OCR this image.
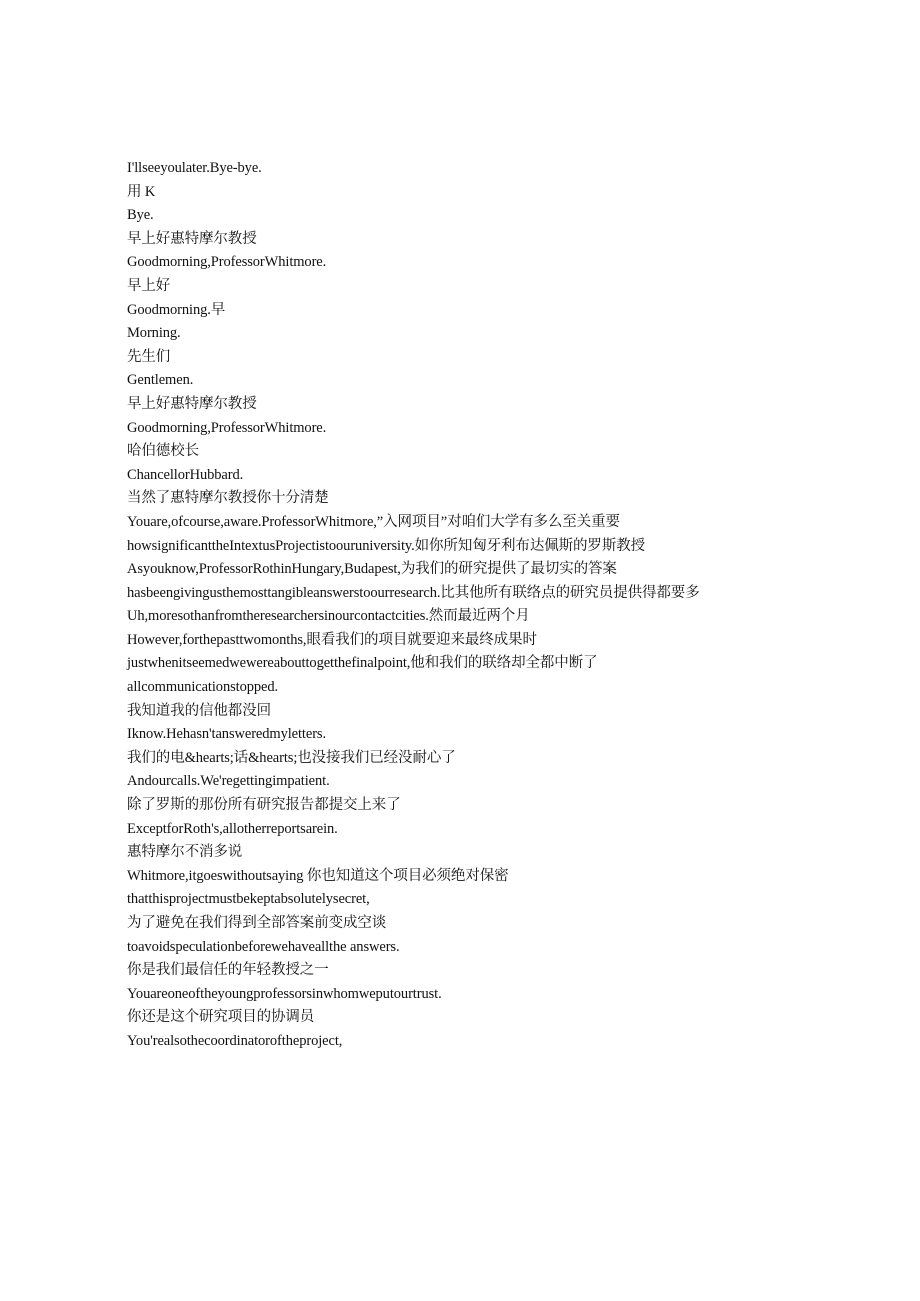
I'llseeyoulater.Bye-bye.
用 K
Bye.
早上好惠特摩尔教授
Goodmorning,ProfessorWhitmore.
早上好
Goodmorning.早
Morning.
先生们
Gentlemen.
早上好惠特摩尔教授
Goodmorning,ProfessorWhitmore.
哈伯德校长
ChancellorHubbard.
当然了惠特摩尔教授你十分清楚
Youare,ofcourse,aware.ProfessorWhitmore,”入网项目”对咱们大学有多么至关重要
howsignificanttheIntextusProjectistoouruniversity.如你所知匈牙利布达佩斯的罗斯教授
Asyouknow,ProfessorRothinHungary,Budapest,为我们的研究提供了最切实的答案
hasbeengivingusthemosttangibleanswerstoourresearch.比其他所有联络点的研究员提供得都要多
Uh,moresothanfromtheresearchersinourcontactcities.然而最近两个月
However,forthepasttwomonths,眼看我们的项目就要迎来最终成果时
justwhenitseemedwewereabouttogetthefinalpoint,他和我们的联络却全都中断了
allcommunicationstopped.
我知道我的信他都没回
Iknow.Hehasn'tansweredmyletters.
我们的电&hearts;话&hearts;也没接我们已经没耐心了
Andourcalls.We'regettingimpatient.
除了罗斯的那份所有研究报告都提交上来了
ExceptforRoth's,allotherreportsarein.
惠特摩尔不消多说
Whitmore,itgoeswithoutsaying 你也知道这个项目必须绝对保密
thatthisprojectmustbekeptabsolutelysecret,
为了避免在我们得到全部答案前变成空谈
toavoidspeculationbeforewehaveallthe answers.
你是我们最信任的年轻教授之一
Youareoneoftheyoungprofessorsinwhomweputourtrust.
你还是这个研究项目的协调员
You'realsothecoordinatoroftheproject,
